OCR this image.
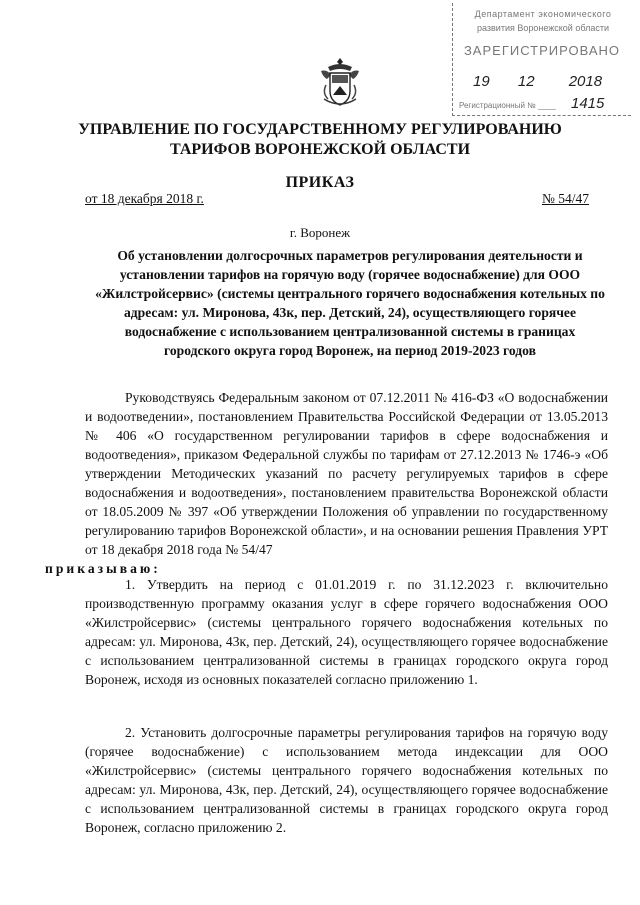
Департамент экономического
развития Воронежской области
ЗАРЕГИСТРИРОВАНО
19 12 2018
Регистрационный № ____ 1415
УПРАВЛЕНИЕ ПО ГОСУДАРСТВЕННОМУ РЕГУЛИРОВАНИЮ
ТАРИФОВ ВОРОНЕЖСКОЙ ОБЛАСТИ
ПРИКАЗ
от 18 декабря 2018 г.	№ 54/47
г. Воронеж
Об установлении долгосрочных параметров регулирования деятельности и установлении тарифов на горячую воду (горячее водоснабжение) для ООО «Жилстройсервис» (системы центрального горячего водоснабжения котельных по адресам: ул. Миронова, 43к, пер. Детский, 24), осуществляющего горячее водоснабжение с использованием централизованной системы в границах городского округа город Воронеж, на период 2019-2023 годов
Руководствуясь Федеральным законом от 07.12.2011 № 416-ФЗ «О водоснабжении и водоотведении», постановлением Правительства Российской Федерации от 13.05.2013 № 406 «О государственном регулировании тарифов в сфере водоснабжения и водоотведения», приказом Федеральной службы по тарифам от 27.12.2013 № 1746-э «Об утверждении Методических указаний по расчету регулируемых тарифов в сфере водоснабжения и водоотведения», постановлением правительства Воронежской области от 18.05.2009 № 397 «Об утверждении Положения об управлении по государственному регулированию тарифов Воронежской области», и на основании решения Правления УРТ от 18 декабря 2018 года № 54/47
приказываю:
1. Утвердить на период с 01.01.2019 г. по 31.12.2023 г. включительно производственную программу оказания услуг в сфере горячего водоснабжения ООО «Жилстройсервис» (системы центрального горячего водоснабжения котельных по адресам: ул. Миронова, 43к, пер. Детский, 24), осуществляющего горячее водоснабжение с использованием централизованной системы в границах городского округа город Воронеж, исходя из основных показателей согласно приложению 1.
2. Установить долгосрочные параметры регулирования тарифов на горячую воду (горячее водоснабжение) с использованием метода индексации для ООО «Жилстройсервис» (системы центрального горячего водоснабжения котельных по адресам: ул. Миронова, 43к, пер. Детский, 24), осуществляющего горячее водоснабжение с использованием централизованной системы в границах городского округа город Воронеж, согласно приложению 2.
